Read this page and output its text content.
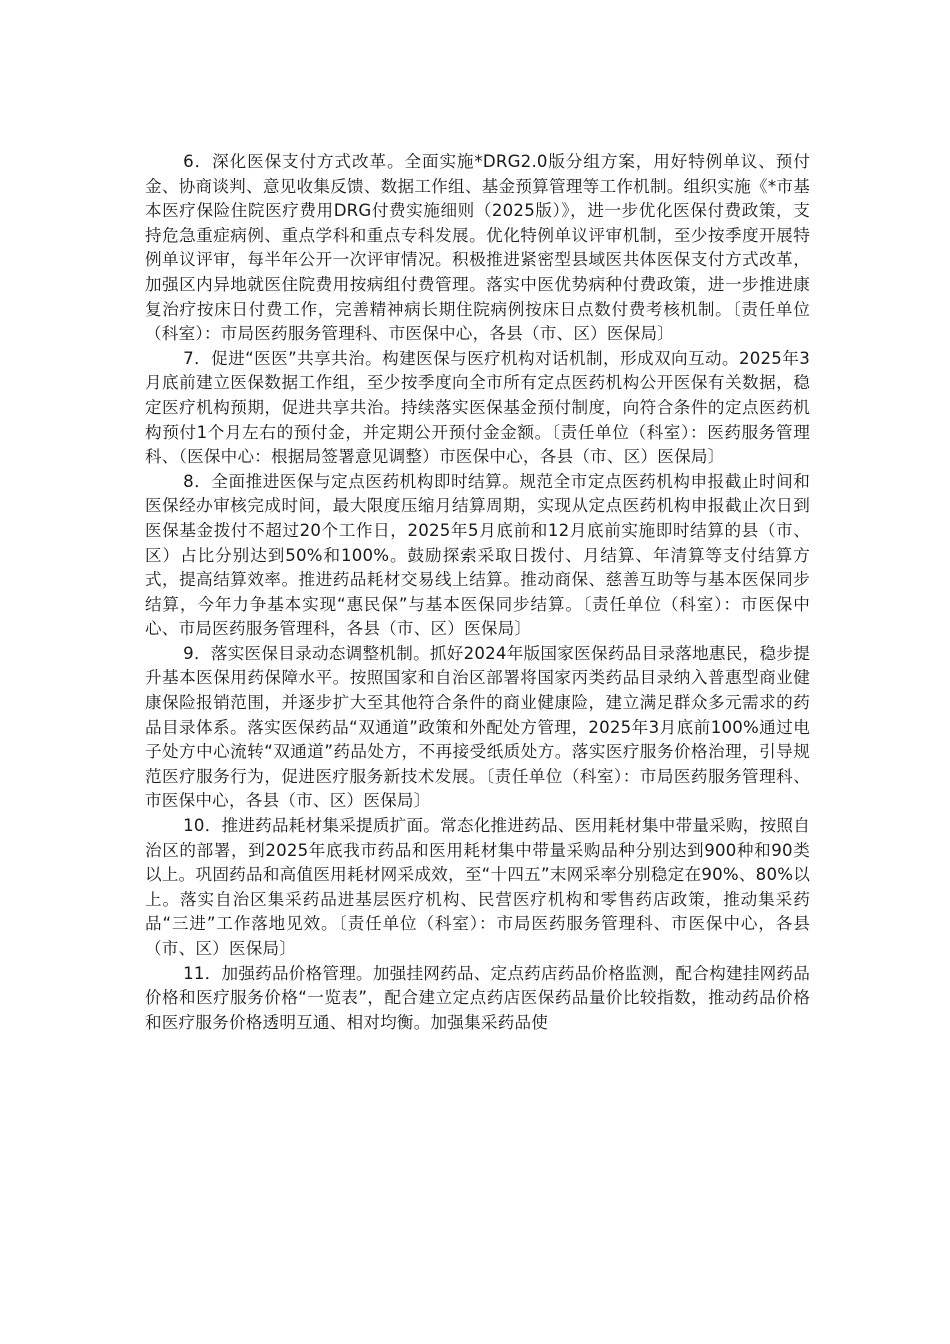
6．深化医保支付方式改革。全面实施*DRG2.0版分组方案，用好特例单议、预付金、协商谈判、意见收集反馈、数据工作组、基金预算管理等工作机制。组织实施《*市基本医疗保险住院医疗费用DRG付费实施细则（2025版）》，进一步优化医保付费政策，支持危急重症病例、重点学科和重点专科发展。优化特例单议评审机制，至少按季度开展特例单议评审，每半年公开一次评审情况。积极推进紧密型县域医共体医保支付方式改革，加强区内异地就医住院费用按病组付费管理。落实中医优势病种付费政策，进一步推进康复治疗按床日付费工作，完善精神病长期住院病例按床日点数付费考核机制。〔责任单位（科室）：市局医药服务管理科、市医保中心，各县（市、区）医保局〕

7．促进“医医”共享共治。构建医保与医疗机构对话机制，形成双向互动。2025年3月底前建立医保数据工作组，至少按季度向全市所有定点医药机构公开医保有关数据，稳定医疗机构预期，促进共享共治。持续落实医保基金预付制度，向符合条件的定点医药机构预付1个月左右的预付金，并定期公开预付金金额。〔责任单位（科室）：医药服务管理科、（医保中心：根据局签署意见调整）市医保中心，各县（市、区）医保局〕

8．全面推进医保与定点医药机构即时结算。规范全市定点医药机构申报截止时间和医保经办审核完成时间，最大限度压缩月结算周期，实现从定点医药机构申报截止次日到医保基金拨付不超过20个工作日，2025年5月底前和12月底前实施即时结算的县（市、区）占比分别达到50%和100%。鼓励探索采取日拨付、月结算、年清算等支付结算方式，提高结算效率。推进药品耗材交易线上结算。推动商保、慈善互助等与基本医保同步结算，今年力争基本实现“惠民保”与基本医保同步结算。〔责任单位（科室）：市医保中心、市局医药服务管理科，各县（市、区）医保局〕

9．落实医保目录动态调整机制。抓好2024年版国家医保药品目录落地惠民，稳步提升基本医保用药保障水平。按照国家和自治区部署将国家丙类药品目录纳入普惠型商业健康保险报销范围，并逐步扩大至其他符合条件的商业健康险，建立满足群众多元需求的药品目录体系。落实医保药品“双通道”政策和外配处方管理，2025年3月底前100%通过电子处方中心流转“双通道”药品处方，不再接受纸质处方。落实医疗服务价格治理，引导规范医疗服务行为，促进医疗服务新技术发展。〔责任单位（科室）：市局医药服务管理科、市医保中心，各县（市、区）医保局〕

10．推进药品耗材集采提质扩面。常态化推进药品、医用耗材集中带量采购，按照自治区的部署，到2025年底我市药品和医用耗材集中带量采购品种分别达到900种和90类以上。巩固药品和高值医用耗材网采成效，至“十四五”末网采率分别稳定在90%、80%以上。落实自治区集采药品进基层医疗机构、民营医疗机构和零售药店政策，推动集采药品“三进”工作落地见效。〔责任单位（科室）：市局医药服务管理科、市医保中心，各县（市、区）医保局〕

11．加强药品价格管理。加强挂网药品、定点药店药品价格监测，配合构建挂网药品价格和医疗服务价格“一览表”，配合建立定点药店医保药品量价比较指数，推动药品价格和医疗服务价格透明互通、相对均衡。加强集采药品使
